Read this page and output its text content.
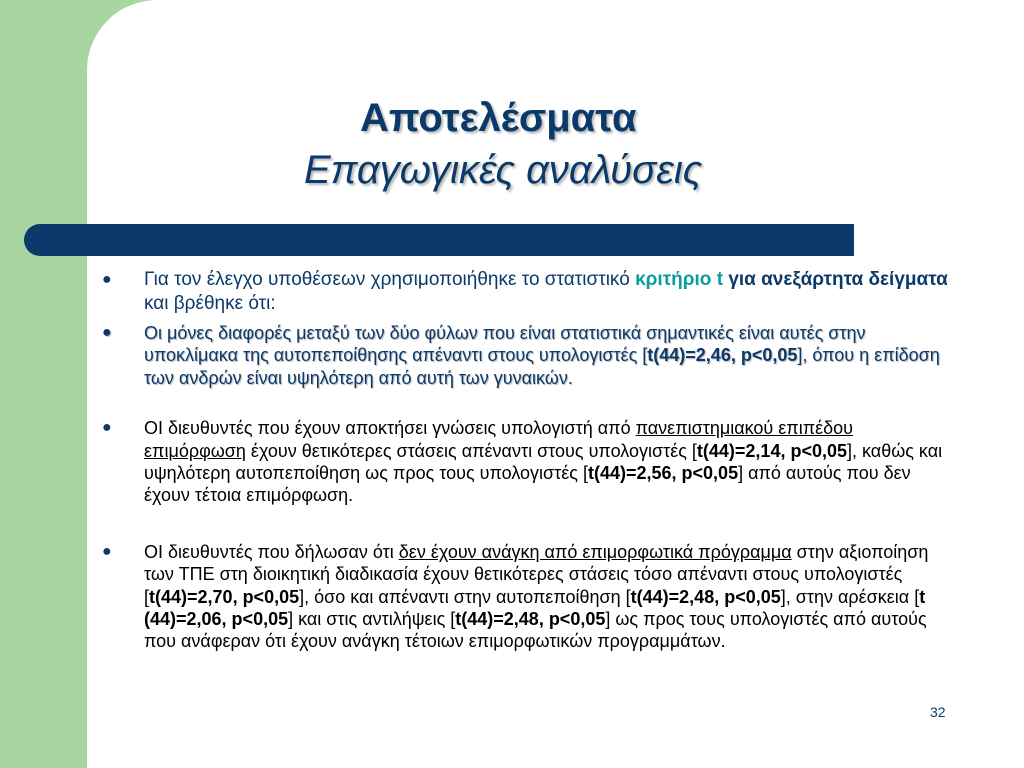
Αποτελέσματα
Επαγωγικές αναλύσεις
● Για τον έλεγχο υποθέσεων χρησιμοποιήθηκε το στατιστικό κριτήριο t για ανεξάρτητα δείγματα και βρέθηκε ότι:
● Οι μόνες διαφορές μεταξύ των δύο φύλων που είναι στατιστικά σημαντικές είναι αυτές στην υποκλίμακα της αυτοπεποίθησης απέναντι στους υπολογιστές [t(44)=2,46, p<0,05], όπου η επίδοση των ανδρών είναι υψηλότερη από αυτή των γυναικών.
● ΟΙ διευθυντές που έχουν αποκτήσει γνώσεις υπολογιστή από πανεπιστημιακού επιπέδου επιμόρφωση έχουν θετικότερες στάσεις απέναντι στους υπολογιστές [t(44)=2,14, p<0,05], καθώς και υψηλότερη αυτοπεποίθηση ως προς τους υπολογιστές [t(44)=2,56, p<0,05] από αυτούς που δεν έχουν τέτοια επιμόρφωση.
● ΟΙ διευθυντές που δήλωσαν ότι δεν έχουν ανάγκη από επιμορφωτικά πρόγραμμα στην αξιοποίηση των ΤΠΕ στη διοικητική διαδικασία έχουν θετικότερες στάσεις τόσο απέναντι στους υπολογιστές [t(44)=2,70, p<0,05], όσο και απέναντι στην αυτοπεποίθηση [t(44)=2,48, p<0,05], στην αρέσκεια [t (44)=2,06, p<0,05] και στις αντιλήψεις [t(44)=2,48, p<0,05] ως προς τους υπολογιστές από αυτούς που ανάφεραν ότι έχουν ανάγκη τέτοιων επιμορφωτικών προγραμμάτων.
32
